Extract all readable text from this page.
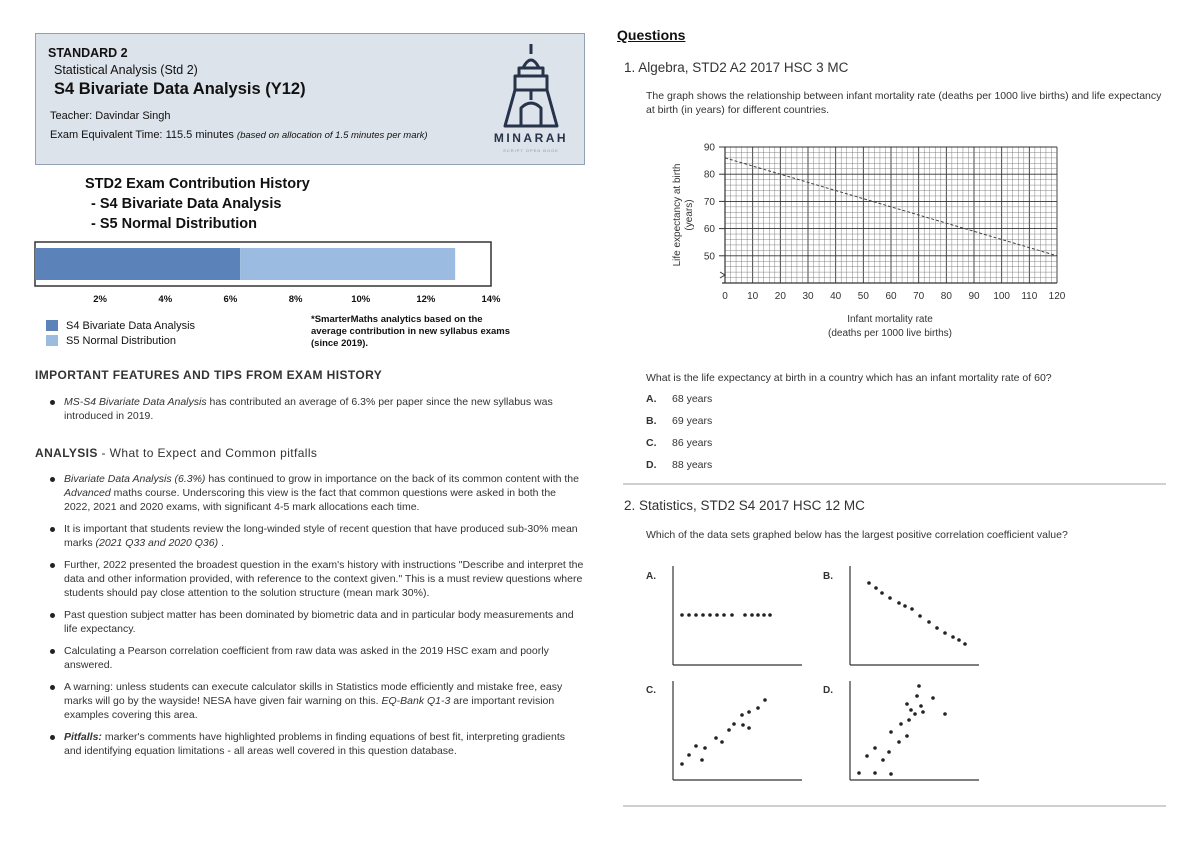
STANDARD 2
Statistical Analysis (Std 2)
S4 Bivariate Data Analysis (Y12)
Teacher: Davindar Singh
Exam Equivalent Time: 115.5 minutes (based on allocation of 1.5 minutes per mark)	MINARAH
SCRIPT OPEN BOOK
STD2 Exam Contribution History
- S4 Bivariate Data Analysis
- S5 Normal Distribution
2%	4%	6%	8%	10%	12%	14%
S4 Bivariate Data Analysis
S5 Normal Distribution
*SmarterMaths analytics based on the average contribution in new syllabus exams (since 2019).
IMPORTANT FEATURES AND TIPS FROM EXAM HISTORY
MS-S4 Bivariate Data Analysis has contributed an average of 6.3% per paper since the new syllabus was introduced in 2019.
ANALYSIS - What to Expect and Common pitfalls
Bivariate Data Analysis (6.3%) has continued to grow in importance on the back of its common content with the Advanced maths course. Underscoring this view is the fact that common questions were asked in both the 2022, 2021 and 2020 exams, with significant 4-5 mark allocations each time.
It is important that students review the long-winded style of recent question that have produced sub-30% mean marks (2021 Q33 and 2020 Q36) .
Further, 2022 presented the broadest question in the exam's history with instructions "Describe and interpret the data and other information provided, with reference to the context given." This is a must review questions where students should pay close attention to the solution structure (mean mark 30%).
Past question subject matter has been dominated by biometric data and in particular body measurements and life expectancy.
Calculating a Pearson correlation coefficient from raw data was asked in the 2019 HSC exam and poorly answered.
A warning: unless students can execute calculator skills in Statistics mode efficiently and mistake free, easy marks will go by the wayside! NESA have given fair warning on this. EQ-Bank Q1-3 are important revision examples covering this area.
Pitfalls: marker's comments have highlighted problems in finding equations of best fit, interpreting gradients and identifying equation limitations - all areas well covered in this question database.
Questions
1. Algebra, STD2 A2 2017 HSC 3 MC
The graph shows the relationship between infant mortality rate (deaths per 1000 live births) and life expectancy at birth (in years) for different countries.
50
60
70
80
90
0 10 20 30 40 50 60 70 80 90 100 110 120
Life expectancy at birth (years)
Infant mortality rate
(deaths per 1000 live births)
What is the life expectancy at birth in a country which has an infant mortality rate of 60?
A. 68 years
B. 69 years
C. 86 years
D. 88 years
2. Statistics, STD2 S4 2017 HSC 12 MC
Which of the data sets graphed below has the largest positive correlation coefficient value?
A.	B.
C.	D.
